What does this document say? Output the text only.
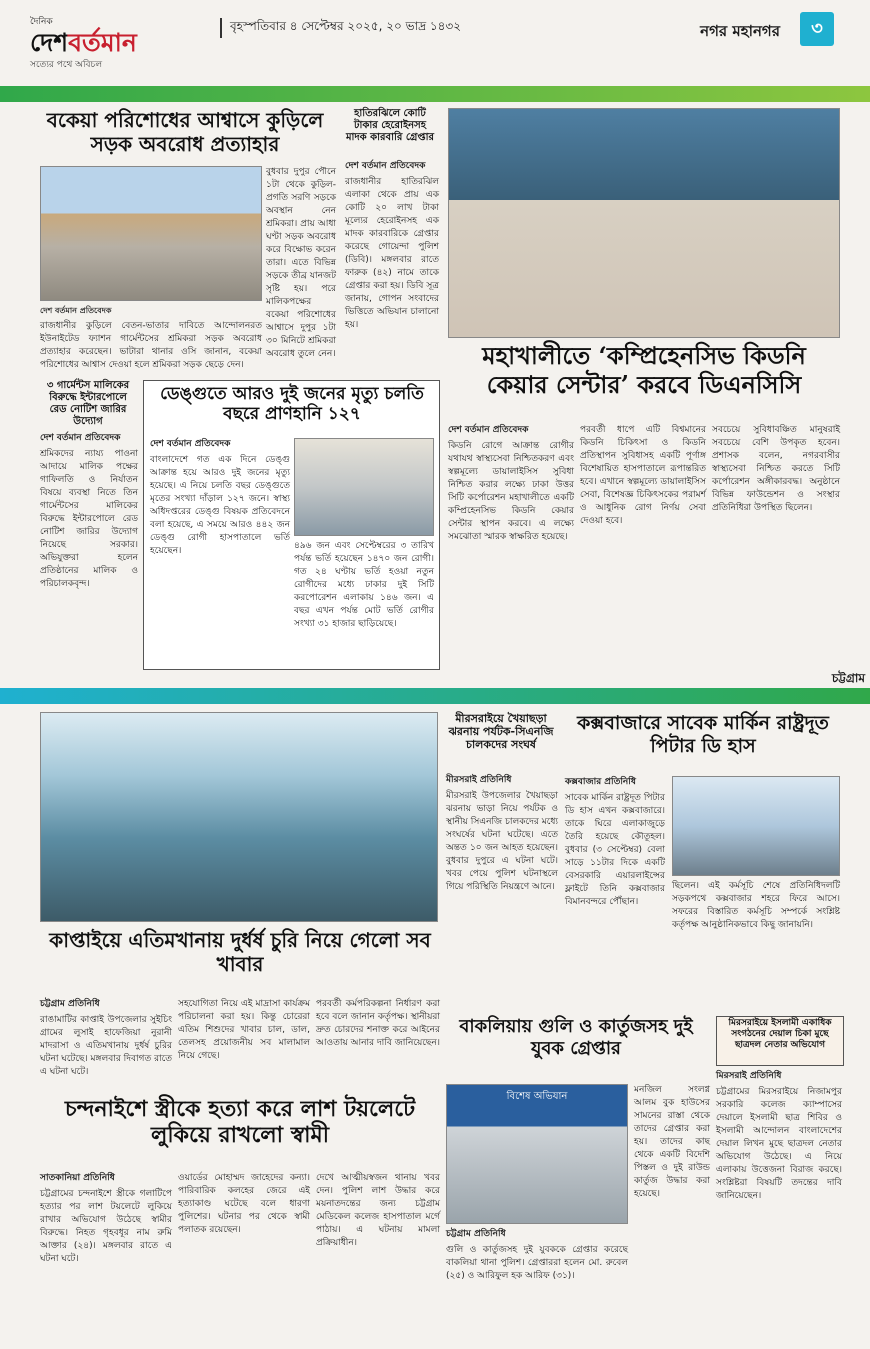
দৈনিক
দেশবর্তমান
সত্যের পথে অবিচল
বৃহস্পতিবার ৪ সেপ্টেম্বর ২০২৫, ২০ ভাদ্র ১৪৩২	নগর মহানগর	৩
বকেয়া পরিশোধের আশ্বাসে কুড়িলে সড়ক অবরোধ প্রত্যাহার
বুধবার দুপুর পৌনে ১টা থেকে কুড়িল-প্রগতি সরণি সড়কে অবস্থান নেন শ্রমিকরা। প্রায় আধা ঘণ্টা সড়ক অবরোধ করে বিক্ষোভ করেন তারা। এতে বিভিন্ন সড়কে তীব্র যানজট সৃষ্টি হয়। পরে মালিকপক্ষের বকেয়া পরিশোধের আশ্বাসে দুপুর ১টা ৩০ মিনিটে শ্রমিকরা অবরোধ তুলে নেন।
দেশ বর্তমান প্রতিবেদক
রাজধানীর কুড়িলে বেতন-ভাতার দাবিতে আন্দোলনরত ইউনাইটেড ফ্যাশন গার্মেন্টসের শ্রমিকরা সড়ক অবরোধ প্রত্যাহার করেছেন। ভাটারা থানার ওসি জানান, বকেয়া পরিশোধের আশ্বাস দেওয়া হলে শ্রমিকরা সড়ক ছেড়ে দেন।
হাতিরঝিলে কোটি টাকার হেরোইনসহ মাদক কারবারি গ্রেপ্তার
দেশ বর্তমান প্রতিবেদক
রাজধানীর হাতিরঝিল এলাকা থেকে প্রায় এক কোটি ২০ লাখ টাকা মূল্যের হেরোইনসহ এক মাদক কারবারিকে গ্রেপ্তার করেছে গোয়েন্দা পুলিশ (ডিবি)। মঙ্গলবার রাতে ফারুক (৪২) নামে তাকে গ্রেপ্তার করা হয়। ডিবি সূত্র জানায়, গোপন সংবাদের ভিত্তিতে অভিযান চালানো হয়।
৩ গার্মেন্টস মালিকের বিরুদ্ধে ইন্টারপোলে রেড নোটিশ জারির উদ্যোগ
দেশ বর্তমান প্রতিবেদক
শ্রমিকদের ন্যায্য পাওনা আদায়ে মালিক পক্ষের গাফিলতি ও নির্যাতন বিষয়ে ব্যবস্থা নিতে তিন গার্মেন্টসের মালিকের বিরুদ্ধে ইন্টারপোলে রেড নোটিশ জারির উদ্যোগ নিয়েছে সরকার। অভিযুক্তরা হলেন প্রতিষ্ঠানের মালিক ও পরিচালকবৃন্দ।
ডেঙ্গুতে আরও দুই জনের মৃত্যু চলতি বছরে প্রাণহানি ১২৭
দেশ বর্তমান প্রতিবেদক
বাংলাদেশে গত এক দিনে ডেঙ্গু আক্রান্ত হয়ে আরও দুই জনের মৃত্যু হয়েছে। এ নিয়ে চলতি বছর ডেঙ্গুতে মৃতের সংখ্যা দাঁড়াল ১২৭ জনে। স্বাস্থ্য অধিদপ্তরের ডেঙ্গু বিষয়ক প্রতিবেদনে বলা হয়েছে, এ সময়ে আরও ৪৪২ জন ডেঙ্গু রোগী হাসপাতালে ভর্তি হয়েছেন।	৪৯৬ জন এবং সেপ্টেম্বরের ৩ তারিখ পর্যন্ত ভর্তি হয়েছেন ১৪৭০ জন রোগী। গত ২৪ ঘণ্টায় ভর্তি হওয়া নতুন রোগীদের মধ্যে ঢাকার দুই সিটি করপোরেশন এলাকায় ১৪৬ জন। এ বছর এখন পর্যন্ত মোট ভর্তি রোগীর সংখ্যা ৩১ হাজার ছাড়িয়েছে।
মহাখালীতে ‘কম্প্রিহেনসিভ কিডনি কেয়ার সেন্টার’ করবে ডিএনসিসি
দেশ বর্তমান প্রতিবেদক
কিডনি রোগে আক্রান্ত রোগীর যথাযথ স্বাস্থ্যসেবা নিশ্চিতকরণ এবং স্বল্পমূল্যে ডায়ালাইসিস সুবিধা নিশ্চিত করার লক্ষ্যে ঢাকা উত্তর সিটি কর্পোরেশন মহাখালীতে একটি কম্প্রিহেনসিভ কিডনি কেয়ার সেন্টার স্থাপন করবে। এ লক্ষ্যে সমঝোতা স্মারক স্বাক্ষরিত হয়েছে।
পরবর্তী ধাপে এটি বিশ্বমানের কিডনি চিকিৎসা ও কিডনি প্রতিস্থাপন সুবিধাসহ একটি পূর্ণাঙ্গ বিশেষায়িত হাসপাতালে রূপান্তরিত হবে। এখানে স্বল্পমূল্যে ডায়ালাইসিস সেবা, বিশেষজ্ঞ চিকিৎসকের পরামর্শ ও আধুনিক রোগ নির্ণয় সেবা দেওয়া হবে।
সবচেয়ে সুবিধাবঞ্চিত মানুষরাই সবচেয়ে বেশি উপকৃত হবেন। প্রশাসক বলেন, নগরবাসীর স্বাস্থ্যসেবা নিশ্চিত করতে সিটি কর্পোরেশন অঙ্গীকারবদ্ধ। অনুষ্ঠানে বিভিন্ন ফাউন্ডেশন ও সংস্থার প্রতিনিধিরা উপস্থিত ছিলেন।
চট্টগ্রাম
কাপ্তাইয়ে এতিমখানায় দুর্ধর্ষ চুরি নিয়ে গেলো সব খাবার
চট্টগ্রাম প্রতিনিধি
রাঙামাটির কাপ্তাই উপজেলার সুইচিং গ্রামের লুসাই হাফেজিয়া নুরানী মাদরাসা ও এতিমখানায় দুর্ধর্ষ চুরির ঘটনা ঘটেছে। মঙ্গলবার দিবাগত রাতে এ ঘটনা ঘটে।
সহযোগিতা নিয়ে এই মাদ্রাসা কার্যক্রম পরিচালনা করা হয়। কিন্তু চোরেরা এতিম শিশুদের খাবার চাল, ডাল, তেলসহ প্রয়োজনীয় সব মালামাল নিয়ে গেছে।
পরবর্তী কর্মপরিকল্পনা নির্ধারণ করা হবে বলে জানান কর্তৃপক্ষ। স্থানীয়রা দ্রুত চোরদের শনাক্ত করে আইনের আওতায় আনার দাবি জানিয়েছেন।
মীরসরাইয়ে খৈয়াছড়া ঝরনায় পর্যটক-সিএনজি চালকদের সংঘর্ষ
মীরসরাই প্রতিনিধি
মীরসরাই উপজেলার খৈয়াছড়া ঝরনায় ভাড়া নিয়ে পর্যটক ও স্থানীয় সিএনজি চালকদের মধ্যে সংঘর্ষের ঘটনা ঘটেছে। এতে অন্তত ১০ জন আহত হয়েছেন। বুধবার দুপুরে এ ঘটনা ঘটে। খবর পেয়ে পুলিশ ঘটনাস্থলে গিয়ে পরিস্থিতি নিয়ন্ত্রণে আনে।
কক্সবাজারে সাবেক মার্কিন রাষ্ট্রদূত পিটার ডি হাস
কক্সবাজার প্রতিনিধি
সাবেক মার্কিন রাষ্ট্রদূত পিটার ডি হাস এখন কক্সবাজারে। তাকে ঘিরে এলাকাজুড়ে তৈরি হয়েছে কৌতূহল। বুধবার (৩ সেপ্টেম্বর) বেলা সাড়ে ১১টার দিকে একটি বেসরকারি এয়ারলাইন্সের ফ্লাইটে তিনি কক্সবাজার বিমানবন্দরে পৌঁছান।
ছিলেন। এই কর্মসূচি শেষে প্রতিনিধিদলটি সড়কপথে কক্সবাজার শহরে ফিরে আসে। সফরের বিস্তারিত কর্মসূচি সম্পর্কে সংশ্লিষ্ট কর্তৃপক্ষ আনুষ্ঠানিকভাবে কিছু জানায়নি।
বাকলিয়ায় গুলি ও কার্তুজসহ দুই যুবক গ্রেপ্তার
বিশেষ অভিযান
চট্টগ্রাম প্রতিনিধি
গুলি ও কার্তুজসহ দুই যুবককে গ্রেপ্তার করেছে বাকলিয়া থানা পুলিশ। গ্রেপ্তাররা হলেন মো. রুবেল (২৫) ও আরিফুল হক আরিফ (৩১)।
মনজিল সংলগ্ন আলম বুক হাউসের সামনের রাস্তা থেকে তাদের গ্রেপ্তার করা হয়। তাদের কাছ থেকে একটি বিদেশি পিস্তল ও দুই রাউন্ড কার্তুজ উদ্ধার করা হয়েছে।
মিরসরাইয়ে ইসলামী একাধিক সংগঠনের দেয়াল চিকা মুছে ছাত্রদল নেতার অভিযোগ
মিরসরাই প্রতিনিধি
চট্টগ্রামের মিরসরাইয়ে নিজামপুর সরকারি কলেজ ক্যাম্পাসের দেয়ালে ইসলামী ছাত্র শিবির ও ইসলামী আন্দোলন বাংলাদেশের দেয়াল লিখন মুছে ছাত্রদল নেতার অভিযোগ উঠেছে। এ নিয়ে এলাকায় উত্তেজনা বিরাজ করছে। সংশ্লিষ্টরা বিষয়টি তদন্তের দাবি জানিয়েছেন।
চন্দনাইশে স্ত্রীকে হত্যা করে লাশ টয়লেটে লুকিয়ে রাখলো স্বামী
সাতকানিয়া প্রতিনিধি
চট্টগ্রামের চন্দনাইশে স্ত্রীকে গলাটিপে হত্যার পর লাশ টয়লেটে লুকিয়ে রাখার অভিযোগ উঠেছে স্বামীর বিরুদ্ধে। নিহত গৃহবধূর নাম রুমি আক্তার (২৪)। মঙ্গলবার রাতে এ ঘটনা ঘটে।
ওয়ার্ডের মোহাম্মদ জাহেদের কন্যা। পারিবারিক কলহের জেরে এই হত্যাকাণ্ড ঘটেছে বলে ধারণা পুলিশের। ঘটনার পর থেকে স্বামী পলাতক রয়েছেন।
দেখে আত্মীয়স্বজন থানায় খবর দেন। পুলিশ লাশ উদ্ধার করে ময়নাতদন্তের জন্য চট্টগ্রাম মেডিকেল কলেজ হাসপাতাল মর্গে পাঠায়। এ ঘটনায় মামলা প্রক্রিয়াধীন।
